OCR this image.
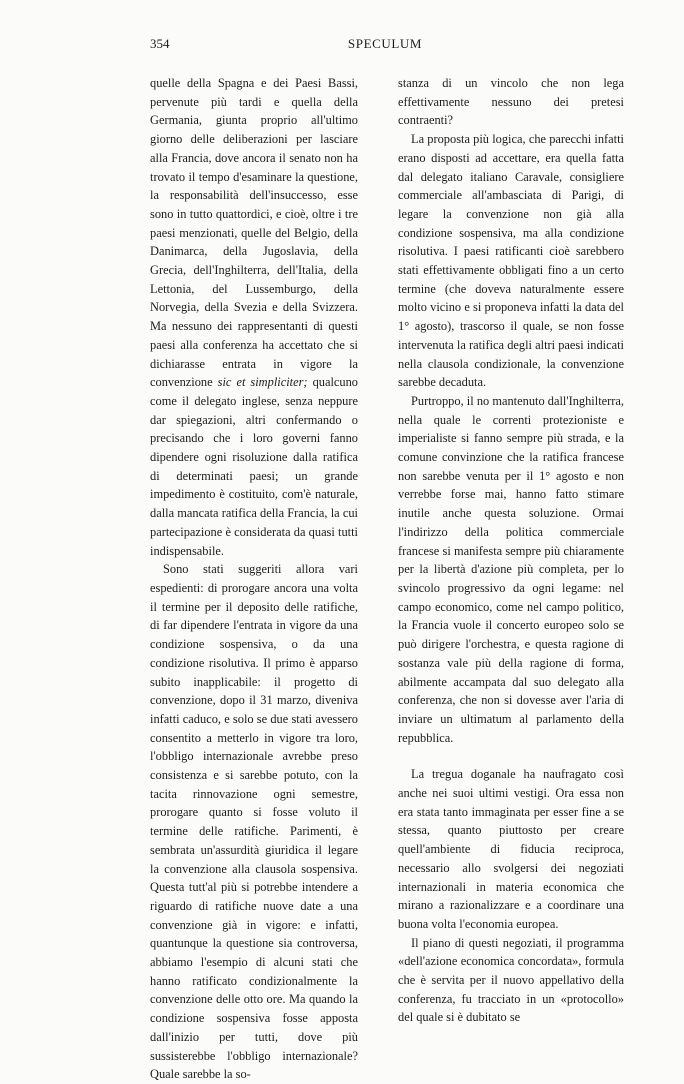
354	SPECULUM

quelle della Spagna e dei Paesi Bassi, pervenute più tardi e quella della Germania, giunta proprio all'ultimo giorno delle deliberazioni per lasciare alla Francia, dove ancora il senato non ha trovato il tempo d'esaminare la questione, la responsabilità dell'insuccesso, esse sono in tutto quattordici, e cioè, oltre i tre paesi menzionati, quelle del Belgio, della Danimarca, della Jugoslavia, della Grecia, dell'Inghilterra, dell'Italia, della Lettonia, del Lussemburgo, della Norvegia, della Svezia e della Svizzera. Ma nessuno dei rappresentanti di questi paesi alla conferenza ha accettato che si dichiarasse entrata in vigore la convenzione sic et simpliciter; qualcuno come il delegato inglese, senza neppure dar spiegazioni, altri confermando o precisando che i loro governi fanno dipendere ogni risoluzione dalla ratifica di determinati paesi; un grande impedimento è costituito, com'è naturale, dalla mancata ratifica della Francia, la cui partecipazione è considerata da quasi tutti indispensabile.

Sono stati suggeriti allora vari espedienti: di prorogare ancora una volta il termine per il deposito delle ratifiche, di far dipendere l'entrata in vigore da una condizione sospensiva, o da una condizione risolutiva. Il primo è apparso subito inapplicabile: il progetto di convenzione, dopo il 31 marzo, diveniva infatti caduco, e solo se due stati avessero consentito a metterlo in vigore tra loro, l'obbligo internazionale avrebbe preso consistenza e si sarebbe potuto, con la tacita rinnovazione ogni semestre, prorogare quanto si fosse voluto il termine delle ratifiche. Parimenti, è sembrata un'assurdità giuridica il legare la convenzione alla clausola sospensiva. Questa tutt'al più si potrebbe intendere a riguardo di ratifiche nuove date a una convenzione già in vigore: e infatti, quantunque la questione sia controversa, abbiamo l'esempio di alcuni stati che hanno ratificato condizionalmente la convenzione delle otto ore. Ma quando la condizione sospensiva fosse apposta dall'inizio per tutti, dove più sussisterebbe l'obbligo internazionale? Quale sarebbe la so-

stanza di un vincolo che non lega effettivamente nessuno dei pretesi contraenti?

La proposta più logica, che parecchi infatti erano disposti ad accettare, era quella fatta dal delegato italiano Caravale, consigliere commerciale all'ambasciata di Parigi, di legare la convenzione non già alla condizione sospensiva, ma alla condizione risolutiva. I paesi ratificanti cioè sarebbero stati effettivamente obbligati fino a un certo termine (che doveva naturalmente essere molto vicino e si proponeva infatti la data del 1° agosto), trascorso il quale, se non fosse intervenuta la ratifica degli altri paesi indicati nella clausola condizionale, la convenzione sarebbe decaduta.

Purtroppo, il no mantenuto dall'Inghilterra, nella quale le correnti protezioniste e imperialiste si fanno sempre più strada, e la comune convinzione che la ratifica francese non sarebbe venuta per il 1° agosto e non verrebbe forse mai, hanno fatto stimare inutile anche questa soluzione. Ormai l'indirizzo della politica commerciale francese si manifesta sempre più chiaramente per la libertà d'azione più completa, per lo svincolo progressivo da ogni legame: nel campo economico, come nel campo politico, la Francia vuole il concerto europeo solo se può dirigere l'orchestra, e questa ragione di sostanza vale più della ragione di forma, abilmente accampata dal suo delegato alla conferenza, che non si dovesse aver l'aria di inviare un ultimatum al parlamento della repubblica.

La tregua doganale ha naufragato così anche nei suoi ultimi vestigi. Ora essa non era stata tanto immaginata per esser fine a se stessa, quanto piuttosto per creare quell'ambiente di fiducia reciproca, necessario allo svolgersi dei negoziati internazionali in materia economica che mirano a razionalizzare e a coordinare una buona volta l'economia europea.

Il piano di questi negoziati, il programma «dell'azione economica concordata», formula che è servita per il nuovo appellativo della conferenza, fu tracciato in un «protocollo» del quale si è dubitato se
